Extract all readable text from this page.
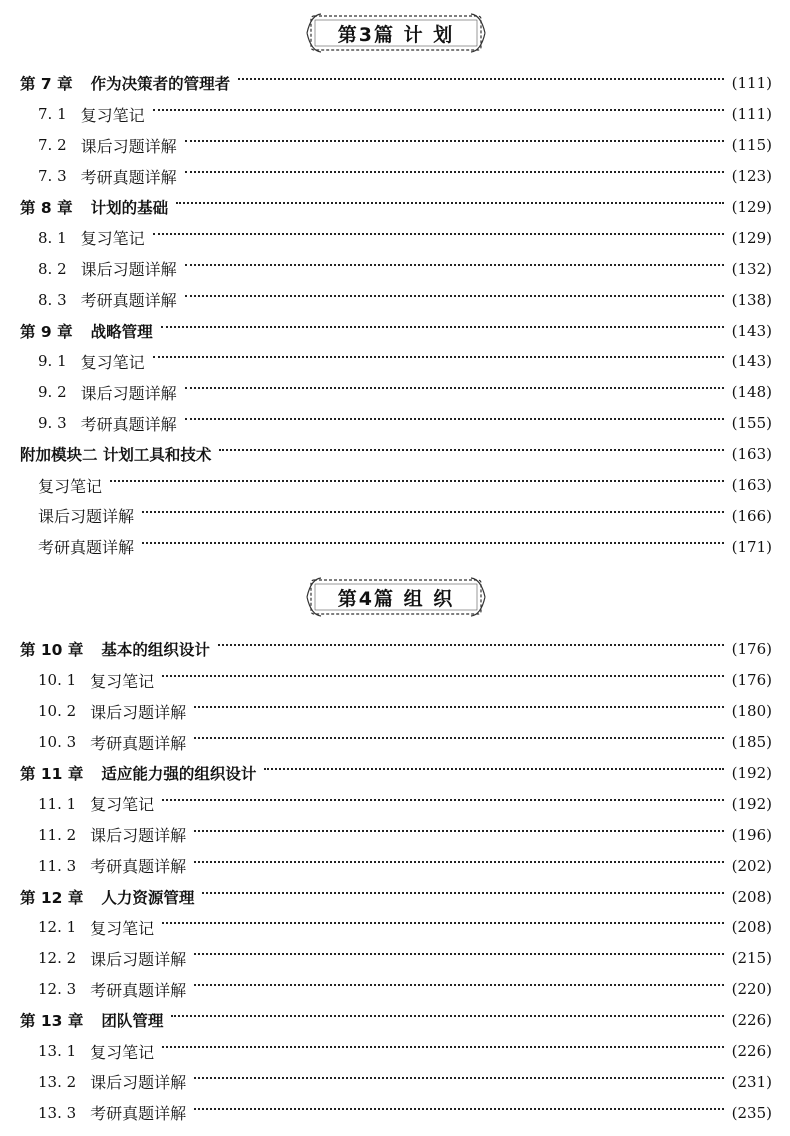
第3篇 计 划
第 7 章 作为决策者的管理者	(111)
7. 1 复习笔记	(111)
7. 2 课后习题详解	(115)
7. 3 考研真题详解	(123)
第 8 章 计划的基础	(129)
8. 1 复习笔记	(129)
8. 2 课后习题详解	(132)
8. 3 考研真题详解	(138)
第 9 章 战略管理	(143)
9. 1 复习笔记	(143)
9. 2 课后习题详解	(148)
9. 3 考研真题详解	(155)
附加模块二 计划工具和技术	(163)
复习笔记	(163)
课后习题详解	(166)
考研真题详解	(171)
第4篇 组 织
第 10 章 基本的组织设计	(176)
10. 1 复习笔记	(176)
10. 2 课后习题详解	(180)
10. 3 考研真题详解	(185)
第 11 章 适应能力强的组织设计	(192)
11. 1 复习笔记	(192)
11. 2 课后习题详解	(196)
11. 3 考研真题详解	(202)
第 12 章 人力资源管理	(208)
12. 1 复习笔记	(208)
12. 2 课后习题详解	(215)
12. 3 考研真题详解	(220)
第 13 章 团队管理	(226)
13. 1 复习笔记	(226)
13. 2 课后习题详解	(231)
13. 3 考研真题详解	(235)
